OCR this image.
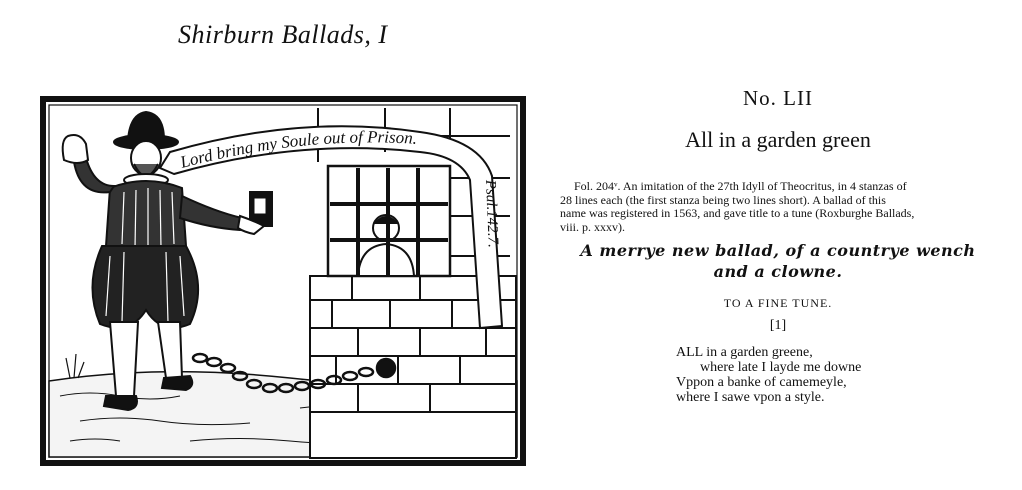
Shirburn Ballads, I
Lord bring my Soule out of Prison.
Psal.142.7.
No. LII
All in a garden green
Fol. 204ᵛ. An imitation of the 27th Idyll of Theocritus, in 4 stanzas of
28 lines each (the first stanza being two lines short). A ballad of this
name was registered in 1563, and gave title to a tune (Roxburghe Ballads,
viii. p. xxxv).
A merrye new ballad, of a countrye wench
and a clowne.
TO A FINE TUNE.
[1]
ALL in a garden greene,
where late I layde me downe
Vppon a banke of camemeyle,
where I sawe vpon a style.
